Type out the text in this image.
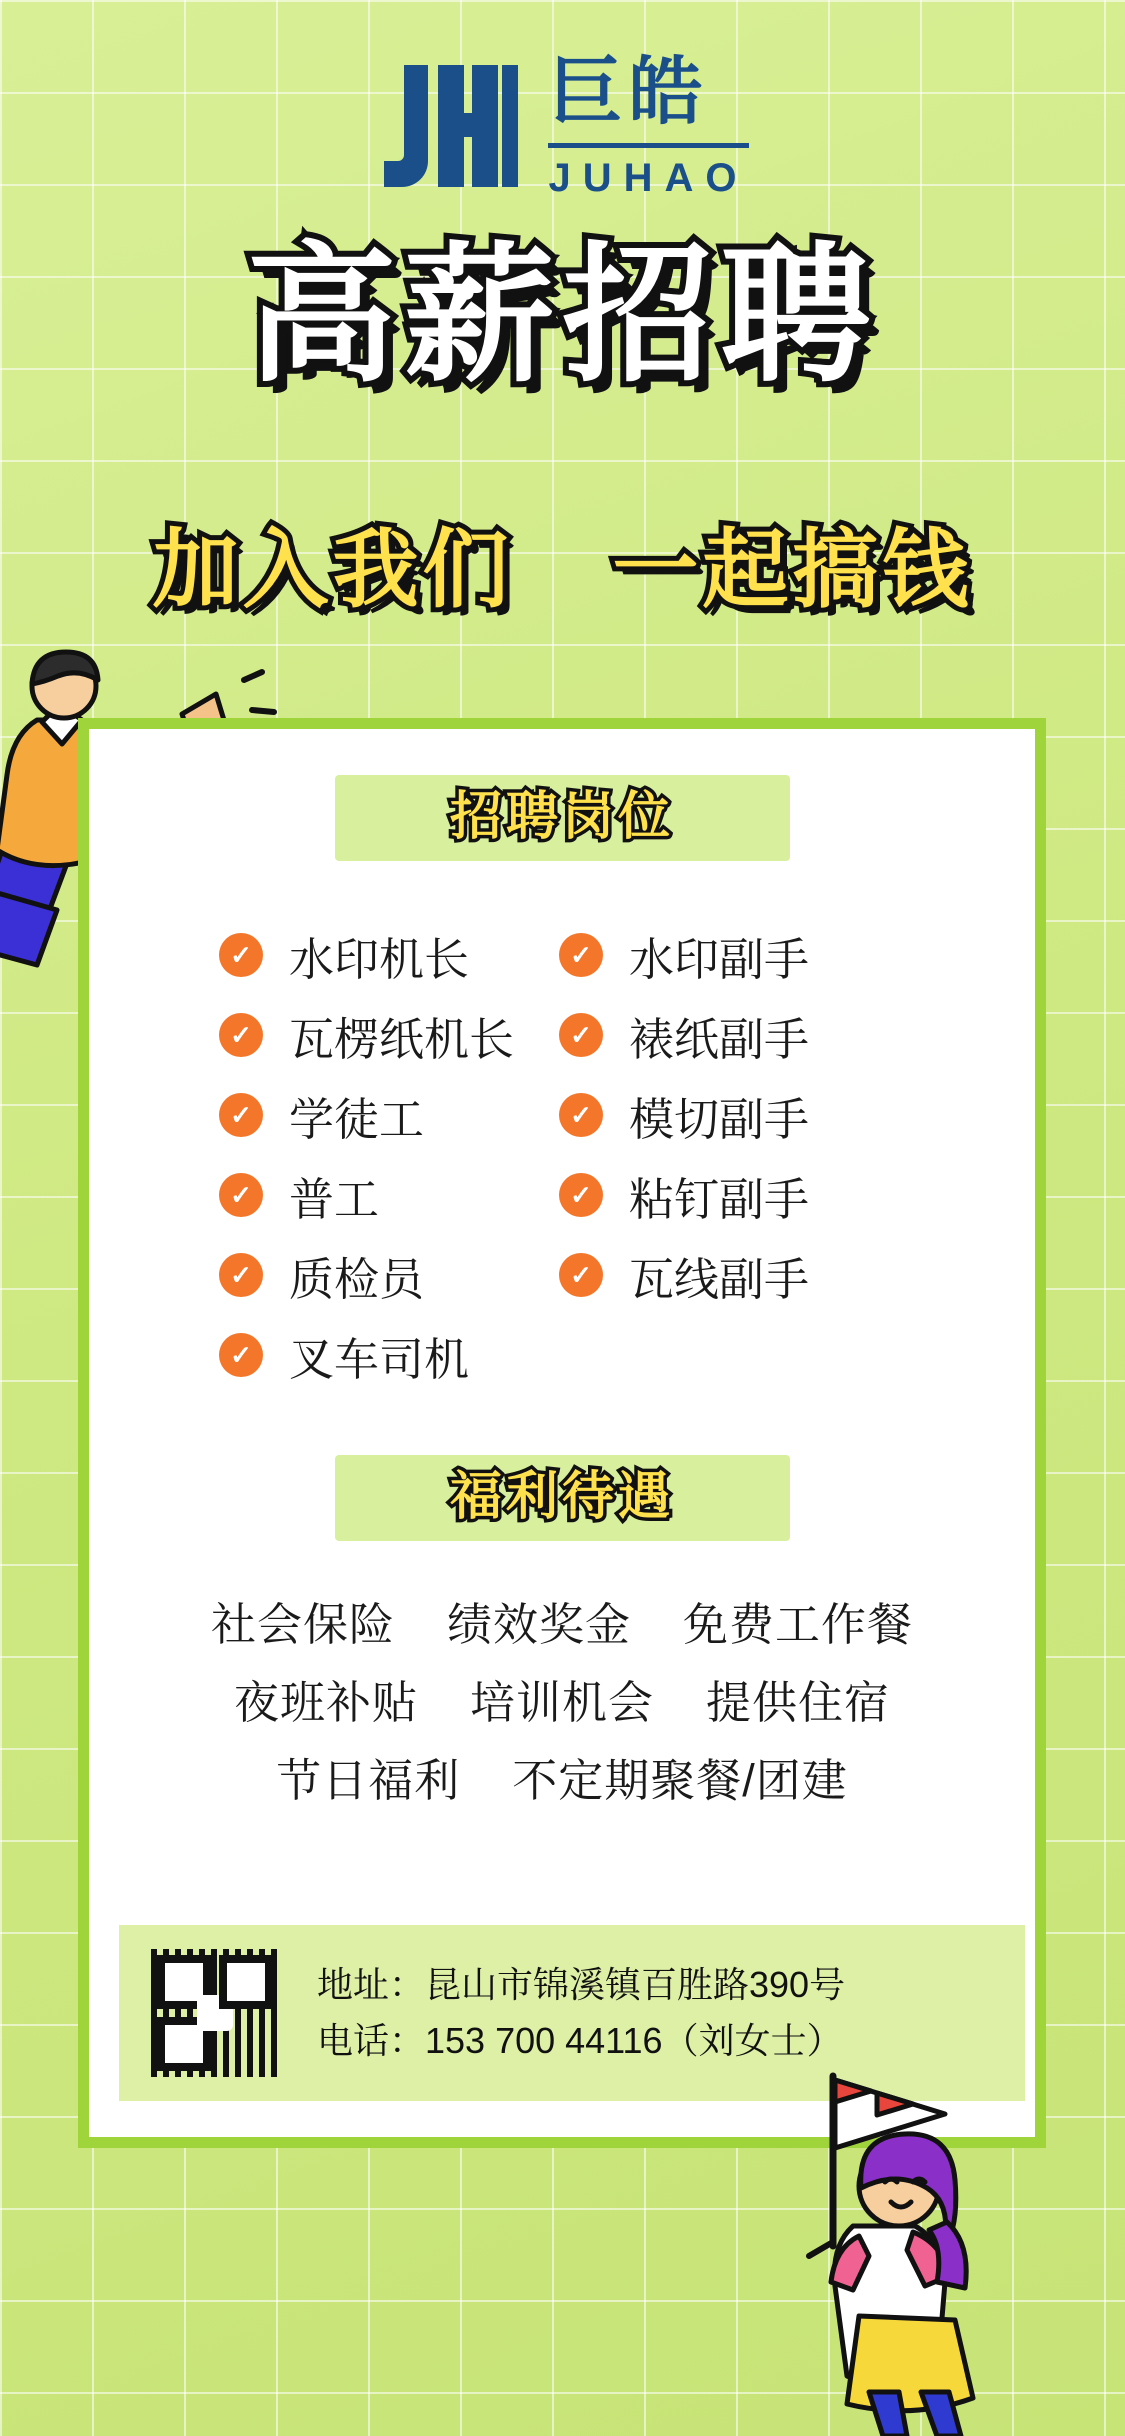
巨皓
JUHAO
高薪招聘
加入我们 一起搞钱
招聘岗位
✓ 水印机长	✓ 水印副手
✓ 瓦楞纸机长	✓ 裱纸副手
✓ 学徒工	✓ 模切副手
✓ 普工	✓ 粘钉副手
✓ 质检员	✓ 瓦线副手
✓ 叉车司机
福利待遇
社会保险 绩效奖金 免费工作餐
夜班补贴 培训机会 提供住宿
节日福利 不定期聚餐/团建
地址：昆山市锦溪镇百胜路390号
电话：153 700 44116（刘女士）
